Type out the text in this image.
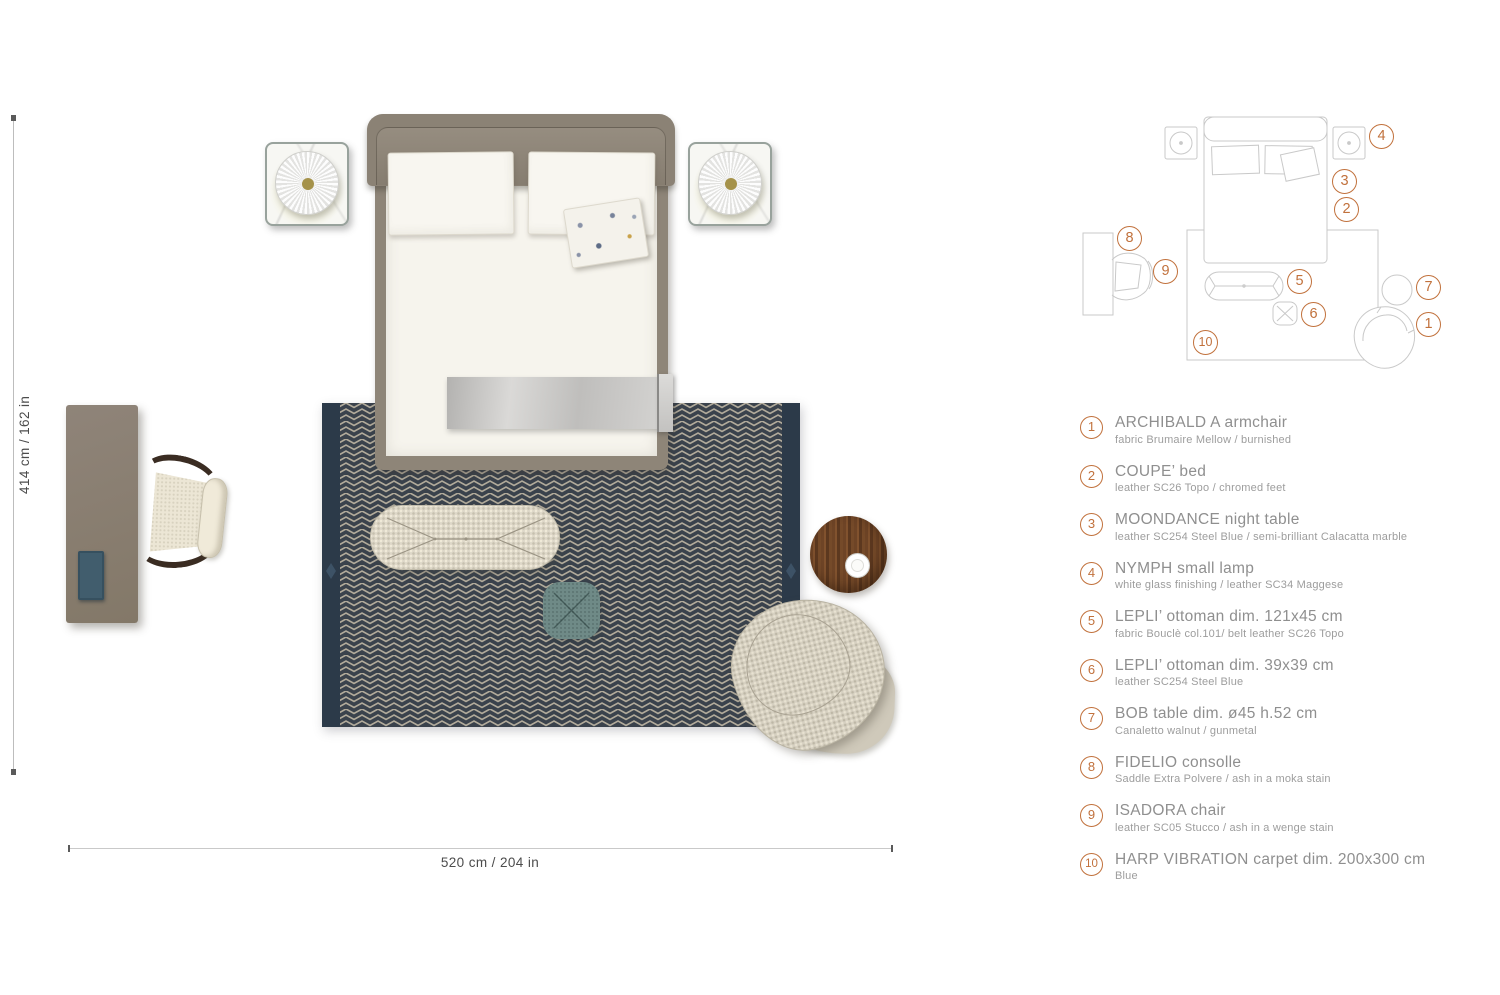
414 cm / 162 in
520 cm / 204 in
1
2
3
4
5
6
7
8
9
10
1	ARCHIBALD A armchair
fabric Brumaire Mellow / burnished
2	COUPE’ bed
leather SC26 Topo / chromed feet
3	MOONDANCE night table
leather SC254 Steel Blue / semi-brilliant Calacatta marble
4	NYMPH small lamp
white glass finishing / leather SC34 Maggese
5	LEPLI’ ottoman dim. 121x45 cm
fabric Bouclè col.101/ belt leather SC26 Topo
6	LEPLI’ ottoman dim. 39x39 cm
leather SC254 Steel Blue
7	BOB table dim. ø45 h.52 cm
Canaletto walnut / gunmetal
8	FIDELIO consolle
Saddle Extra Polvere / ash in a moka stain
9	ISADORA chair
leather SC05 Stucco / ash in a wenge stain
10	HARP VIBRATION carpet dim. 200x300 cm
Blue
